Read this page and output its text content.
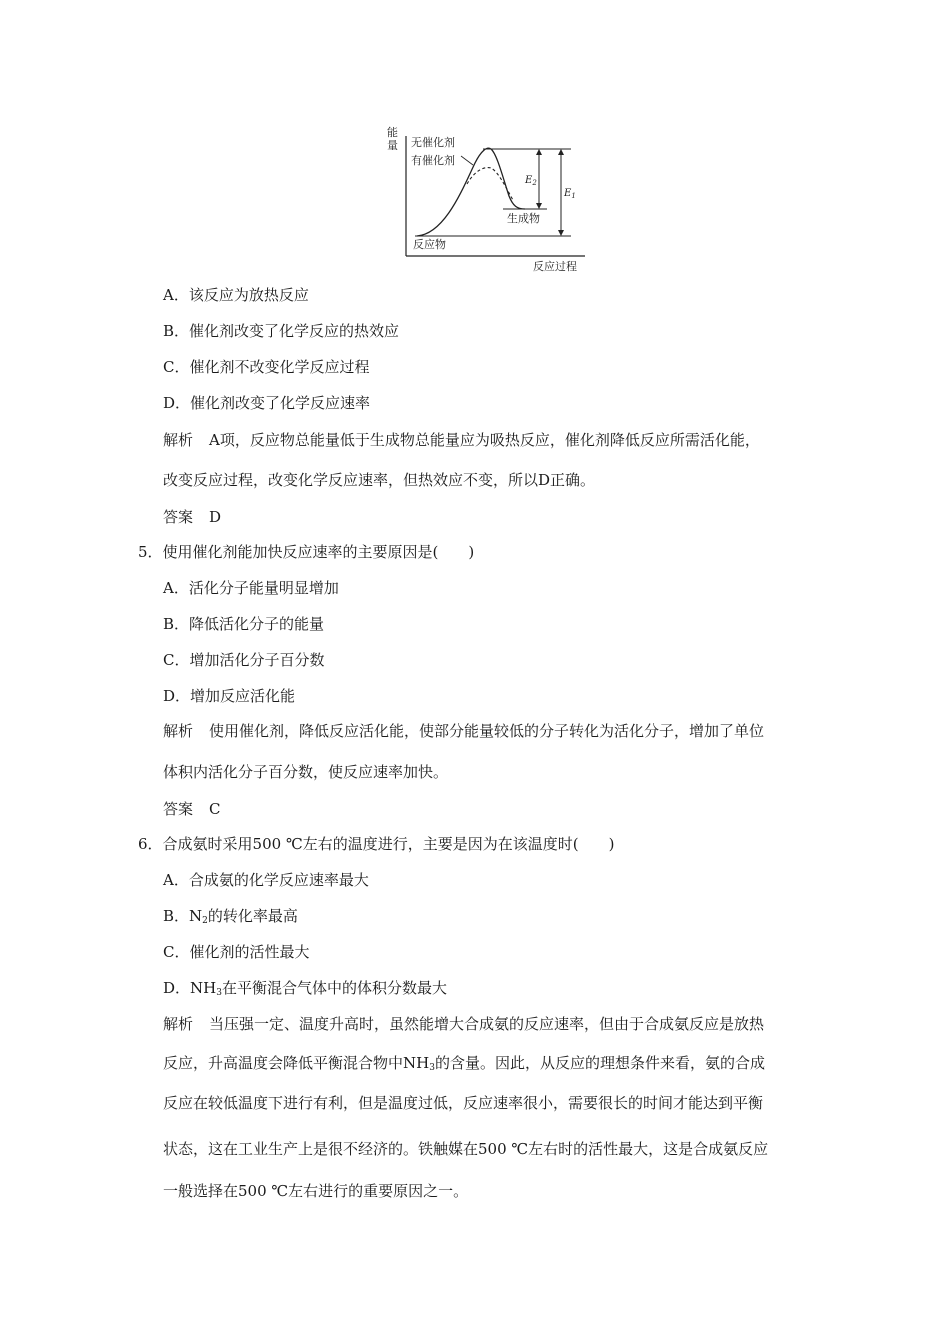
能
量 无催化剂
有催化剂
反应物
生成物
$E_2$
$E_1$
反应过程
A．该反应为放热反应
B．催化剂改变了化学反应的热效应
C．催化剂不改变化学反应过程
D．催化剂改变了化学反应速率
解析 A项，反应物总能量低于生成物总能量应为吸热反应，催化剂降低反应所需活化能，
改变反应过程，改变化学反应速率，但热效应不变，所以D正确。
答案 D
5．使用催化剂能加快反应速率的主要原因是(　　)
A．活化分子能量明显增加
B．降低活化分子的能量
C．增加活化分子百分数
D．增加反应活化能
解析 使用催化剂，降低反应活化能，使部分能量较低的分子转化为活化分子，增加了单位
体积内活化分子百分数，使反应速率加快。
答案 C
6．合成氨时采用500 ℃左右的温度进行，主要是因为在该温度时(　　)
A．合成氨的化学反应速率最大
B．$N_2$的转化率最高
C．催化剂的活性最大
D．$NH_3$在平衡混合气体中的体积分数最大
解析 当压强一定、温度升高时，虽然能增大合成氨的反应速率，但由于合成氨反应是放热
反应，升高温度会降低平衡混合物中$NH_3$的含量。因此，从反应的理想条件来看，氨的合成
反应在较低温度下进行有利，但是温度过低，反应速率很小，需要很长的时间才能达到平衡
状态，这在工业生产上是很不经济的。铁触媒在500 ℃左右时的活性最大，这是合成氨反应
一般选择在500 ℃左右进行的重要原因之一。
